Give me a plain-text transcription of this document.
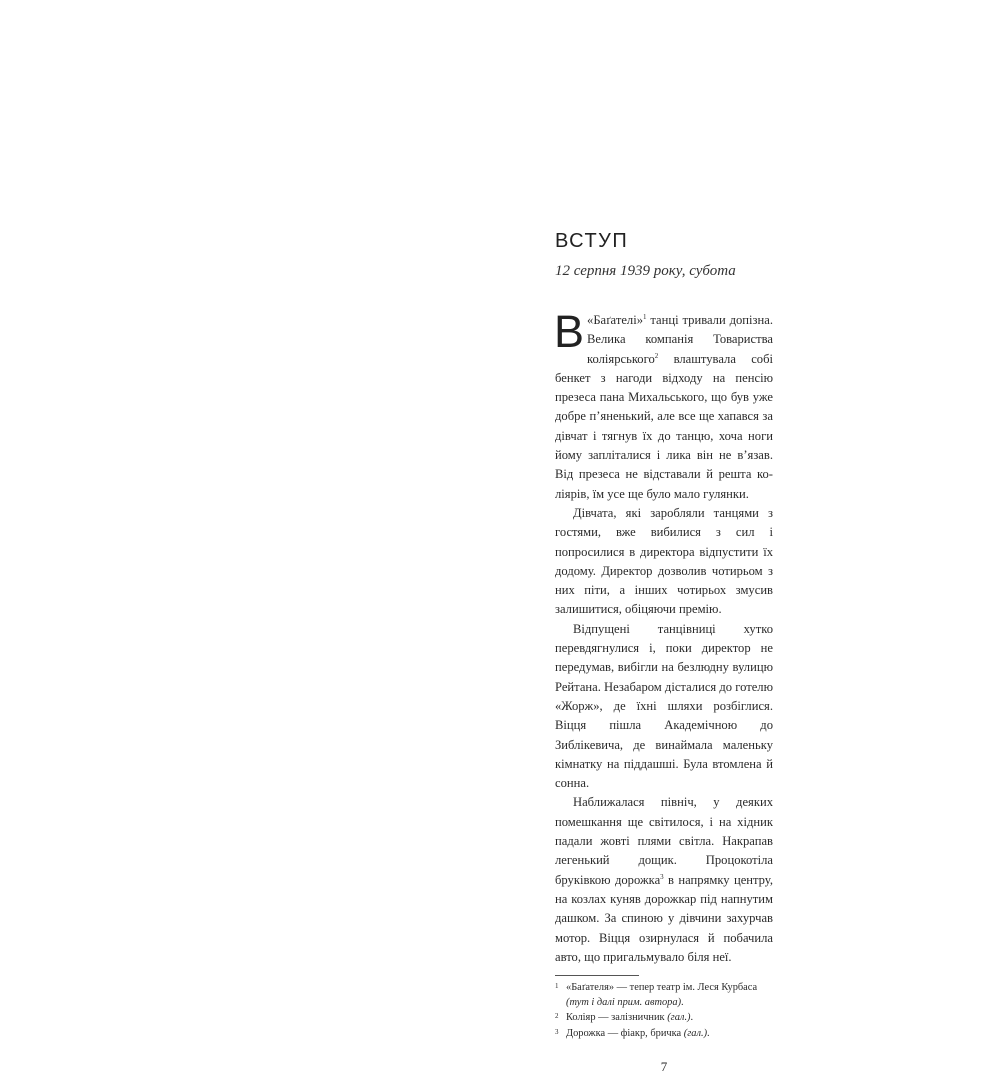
ВСТУП
12 серпня 1939 року, субота

В «Баґателі»$^1$ танці тривали допізна. Велика компанія Товариства коліярського$^2$ влаштувала собі бенкет з нагоди відходу на пенсію презеса пана Михальського, що був уже добре п’яненький, але все ще хапався за дівчат і тягнув їх до танцю, хоча ноги йому запліталися і лика він не в’язав. Від презеса не відставали й решта коліярів, їм усе ще було мало гулянки.

Дівчата, які заробляли танцями з гостями, вже вибилися з сил і попросилися в директора відпустити їх додому. Директор дозволив чотирьом з них піти, а інших чотирьох змусив залишитися, обіцяючи премію.

Відпущені танцівниці хутко перевдягнулися і, поки директор не передумав, вибігли на безлюдну вулицю Рейтана. Незабаром дісталися до готелю «Жорж», де їхні шляхи розбіглися. Віцця пішла Академічною до Зиблікевича, де винаймала маленьку кімнатку на піддашші. Була втомлена й сонна.

Наближалася північ, у деяких помешкання ще світилося, і на хідник падали жовті плями світла. Накрапав легенький дощик. Процокотіла бруківкою дорожка$^3$ в напрямку центру, на козлах куняв дорожкар під напнутим дашком. За спиною у дівчини захурчав мотор. Віцця озирнулася й побачила авто, що пригальмувало біля неї.

1 «Баґателя» — тепер театр ім. Леся Курбаса (тут і далі прим. автора).
2 Коліяр — залізничник (гал.).
3 Дорожка — фіакр, бричка (гал.).
7
